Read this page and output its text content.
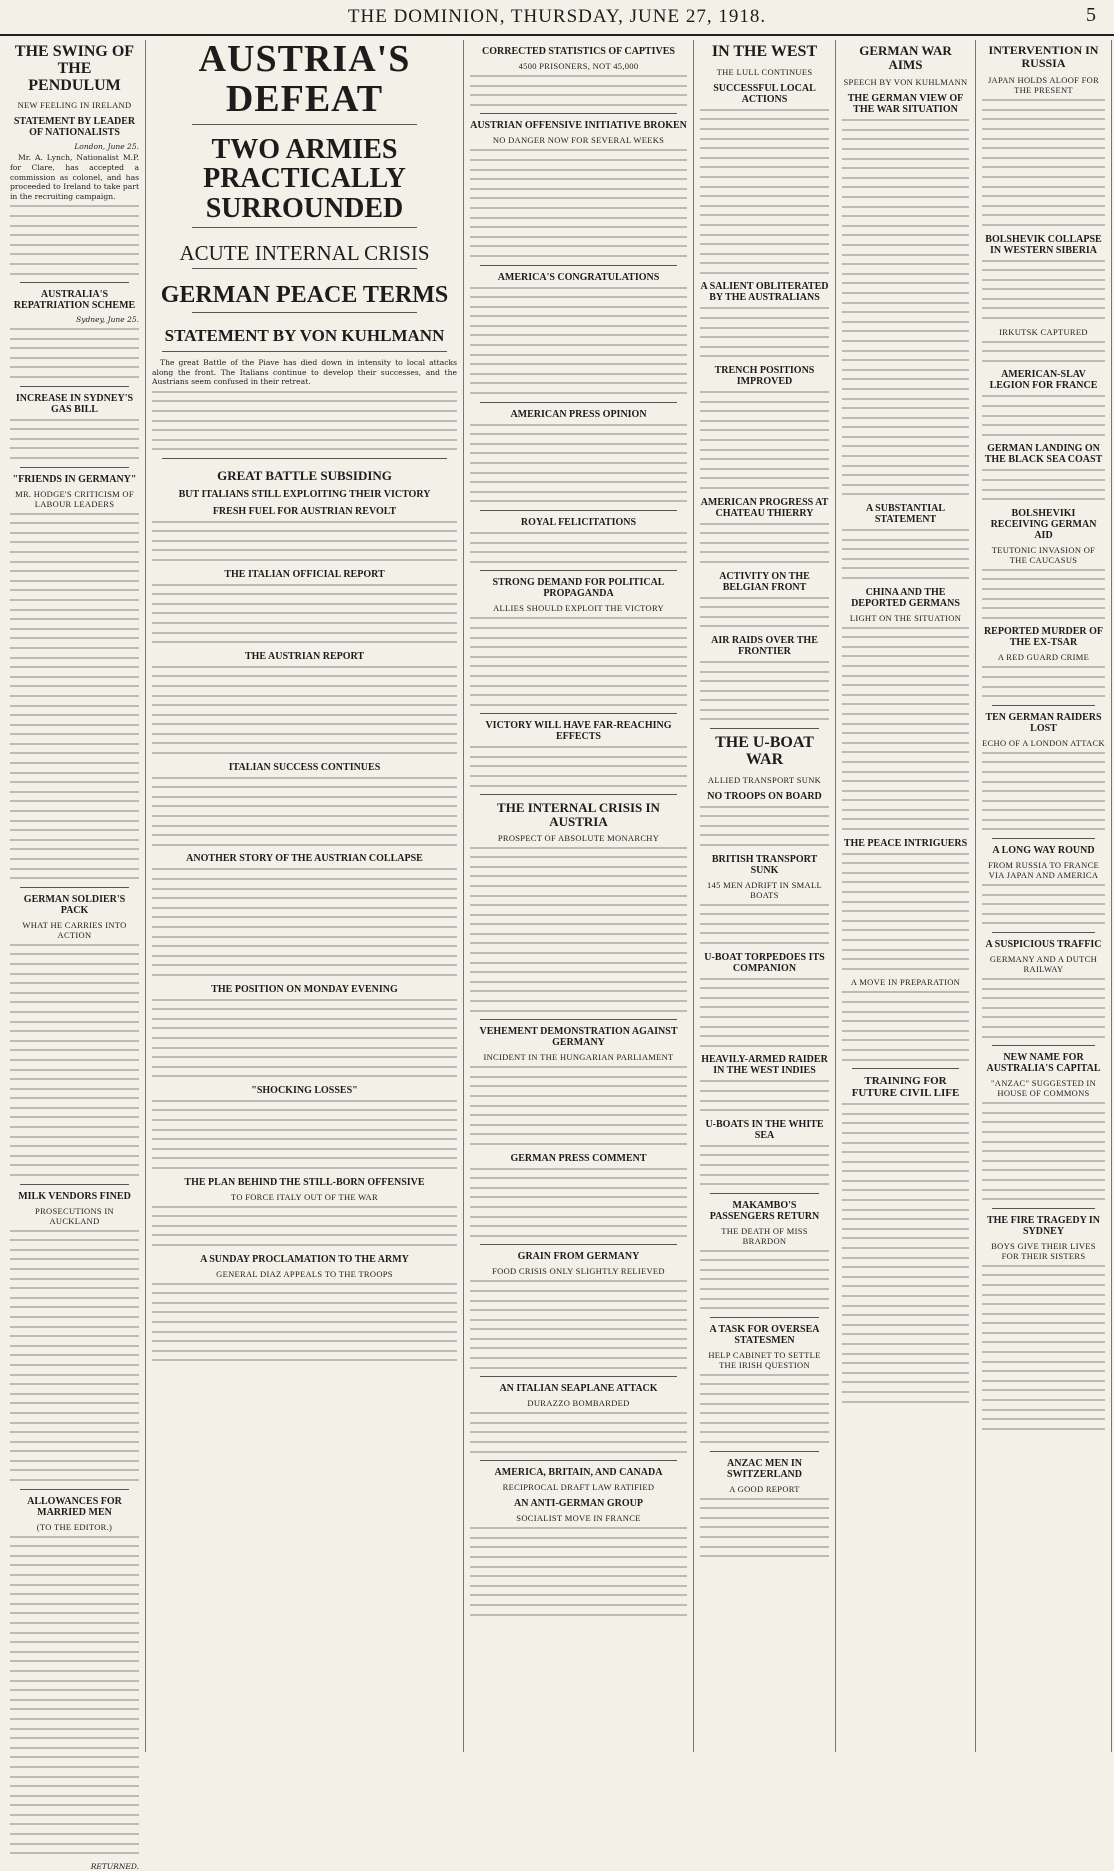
THE DOMINION, THURSDAY, JUNE 27, 1918.	5
THE SWING OF THE PENDULUM
NEW FEELING IN IRELAND
STATEMENT BY LEADER OF NATIONALISTS
London, June 25.

Mr. A. Lynch, Nationalist M.P. for Clare, has accepted a commission as colonel, and has proceeded to Ireland to take part in the recruiting campaign.

AUSTRALIA'S REPATRIATION SCHEME
Sydney, June 25.
INCREASE IN SYDNEY'S GAS BILL
"FRIENDS IN GERMANY"
MR. HODGE'S CRITICISM OF LABOUR LEADERS
GERMAN SOLDIER'S PACK
WHAT HE CARRIES INTO ACTION
MILK VENDORS FINED
PROSECUTIONS IN AUCKLAND
ALLOWANCES FOR MARRIED MEN
(TO THE EDITOR.)
RETURNED.
AUSTRIA'S DEFEAT
TWO ARMIES PRACTICALLY SURROUNDED
ACUTE INTERNAL CRISIS
GERMAN PEACE TERMS
STATEMENT BY VON KUHLMANN

The great Battle of the Piave has died down in intensity to local attacks along the front. The Italians continue to develop their successes, and the Austrians seem confused in their retreat.

GREAT BATTLE SUBSIDING
BUT ITALIANS STILL EXPLOITING THEIR VICTORY
FRESH FUEL FOR AUSTRIAN REVOLT
THE ITALIAN OFFICIAL REPORT
THE AUSTRIAN REPORT
ITALIAN SUCCESS CONTINUES
ANOTHER STORY OF THE AUSTRIAN COLLAPSE
THE POSITION ON MONDAY EVENING
"SHOCKING LOSSES"
THE PLAN BEHIND THE STILL-BORN OFFENSIVE
TO FORCE ITALY OUT OF THE WAR
A SUNDAY PROCLAMATION TO THE ARMY
GENERAL DIAZ APPEALS TO THE TROOPS
CORRECTED STATISTICS OF CAPTIVES
4500 PRISONERS, NOT 45,000
AUSTRIAN OFFENSIVE INITIATIVE BROKEN
NO DANGER NOW FOR SEVERAL WEEKS
AMERICA'S CONGRATULATIONS
AMERICAN PRESS OPINION
ROYAL FELICITATIONS
STRONG DEMAND FOR POLITICAL PROPAGANDA
ALLIES SHOULD EXPLOIT THE VICTORY
VICTORY WILL HAVE FAR-REACHING EFFECTS
THE INTERNAL CRISIS IN AUSTRIA
PROSPECT OF ABSOLUTE MONARCHY
VEHEMENT DEMONSTRATION AGAINST GERMANY
INCIDENT IN THE HUNGARIAN PARLIAMENT
GERMAN PRESS COMMENT
GRAIN FROM GERMANY
FOOD CRISIS ONLY SLIGHTLY RELIEVED
AN ITALIAN SEAPLANE ATTACK
DURAZZO BOMBARDED
AMERICA, BRITAIN, AND CANADA
RECIPROCAL DRAFT LAW RATIFIED
AN ANTI-GERMAN GROUP
SOCIALIST MOVE IN FRANCE
IN THE WEST
THE LULL CONTINUES
SUCCESSFUL LOCAL ACTIONS
A SALIENT OBLITERATED BY THE AUSTRALIANS
TRENCH POSITIONS IMPROVED
AMERICAN PROGRESS AT CHATEAU THIERRY
ACTIVITY ON THE BELGIAN FRONT
AIR RAIDS OVER THE FRONTIER
THE U-BOAT WAR
ALLIED TRANSPORT SUNK
NO TROOPS ON BOARD
BRITISH TRANSPORT SUNK
145 MEN ADRIFT IN SMALL BOATS
U-BOAT TORPEDOES ITS COMPANION
HEAVILY-ARMED RAIDER IN THE WEST INDIES
U-BOATS IN THE WHITE SEA
MAKAMBO'S PASSENGERS RETURN
THE DEATH OF MISS BRARDON
A TASK FOR OVERSEA STATESMEN
HELP CABINET TO SETTLE THE IRISH QUESTION
ANZAC MEN IN SWITZERLAND
A GOOD REPORT
GERMAN WAR AIMS
SPEECH BY VON KUHLMANN
THE GERMAN VIEW OF THE WAR SITUATION
A SUBSTANTIAL STATEMENT
CHINA AND THE DEPORTED GERMANS
LIGHT ON THE SITUATION
THE PEACE INTRIGUERS
A MOVE IN PREPARATION
TRAINING FOR FUTURE CIVIL LIFE
INTERVENTION IN RUSSIA
JAPAN HOLDS ALOOF FOR THE PRESENT
BOLSHEVIK COLLAPSE IN WESTERN SIBERIA
IRKUTSK CAPTURED
AMERICAN-SLAV LEGION FOR FRANCE
GERMAN LANDING ON THE BLACK SEA COAST
BOLSHEVIKI RECEIVING GERMAN AID
TEUTONIC INVASION OF THE CAUCASUS
REPORTED MURDER OF THE EX-TSAR
A RED GUARD CRIME
TEN GERMAN RAIDERS LOST
ECHO OF A LONDON ATTACK
A LONG WAY ROUND
FROM RUSSIA TO FRANCE VIA JAPAN AND AMERICA
A SUSPICIOUS TRAFFIC
GERMANY AND A DUTCH RAILWAY
NEW NAME FOR AUSTRALIA'S CAPITAL
"ANZAC" SUGGESTED IN HOUSE OF COMMONS
THE FIRE TRAGEDY IN SYDNEY
BOYS GIVE THEIR LIVES FOR THEIR SISTERS
